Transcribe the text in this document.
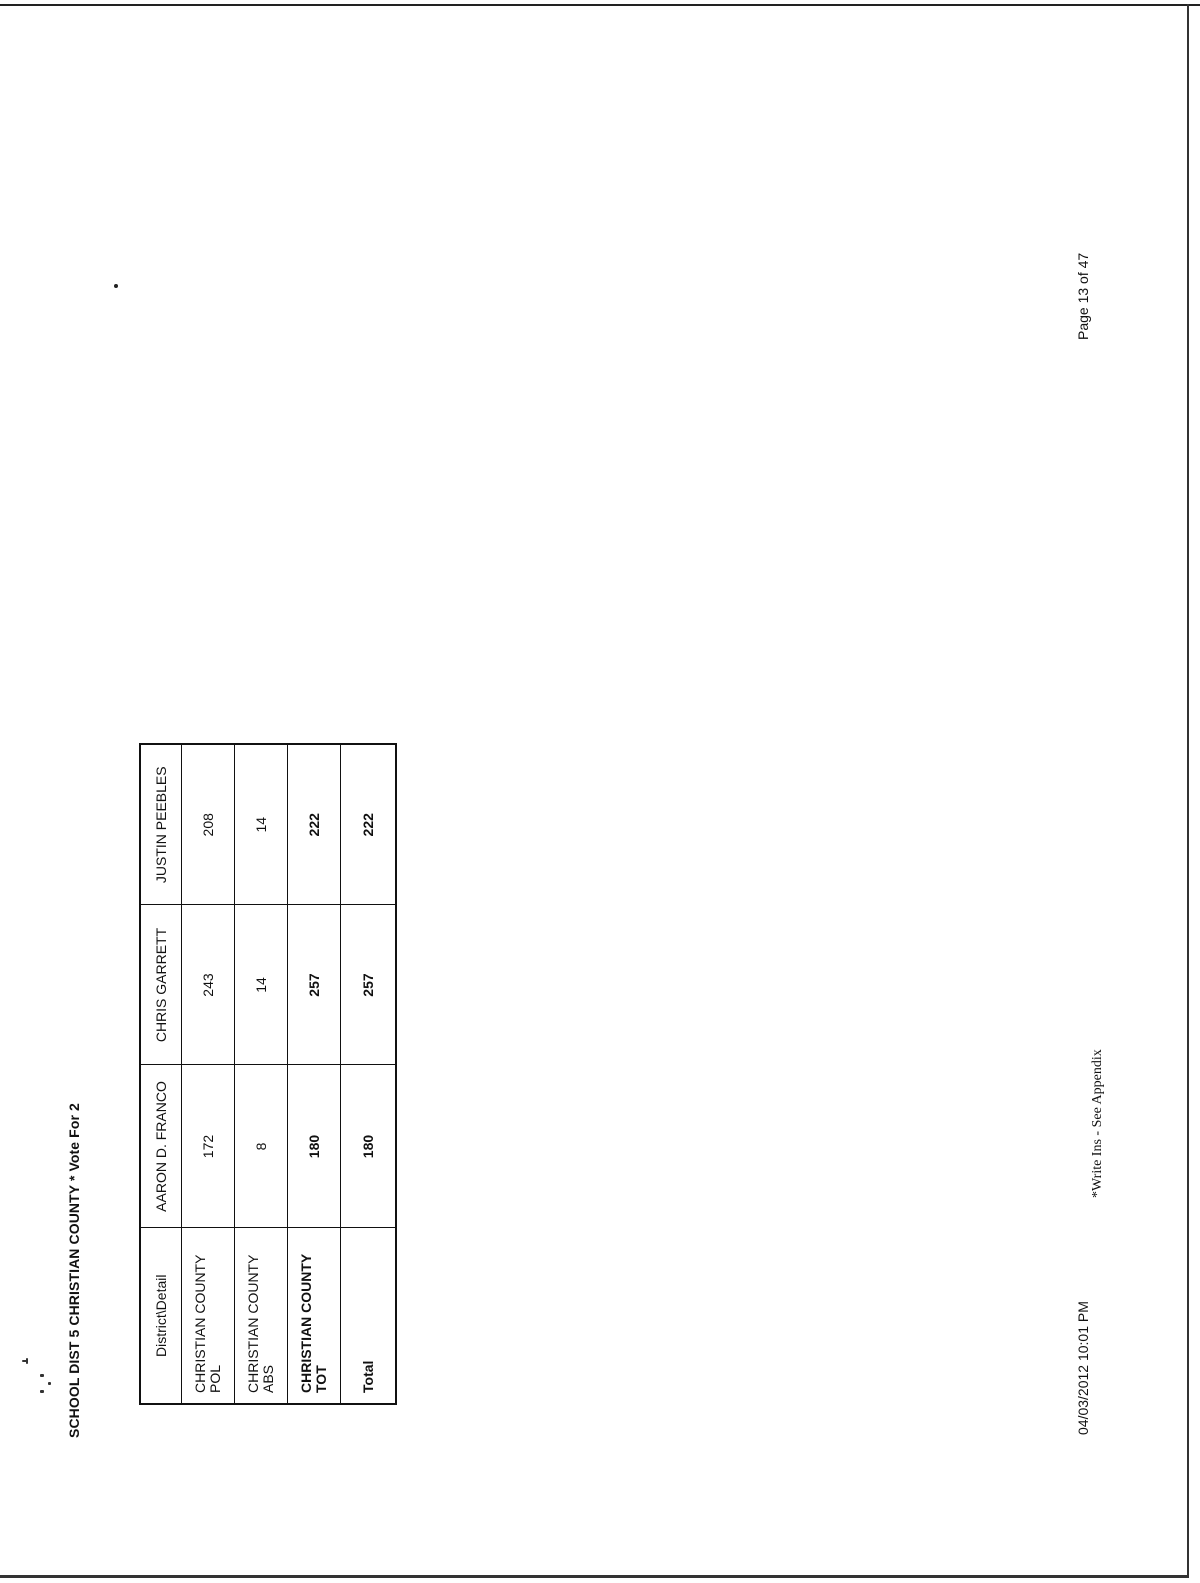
SCHOOL DIST 5 CHRISTIAN COUNTY * Vote For 2	District\Detail	AARON D. FRANCO	CHRIS GARRETT	JUSTIN PEEBLES
CHRISTIAN COUNTY POL	172	243	208
CHRISTIAN COUNTY ABS	8	14	14
CHRISTIAN COUNTY TOT	180	257	222
Total	180	257	222
04/03/2012 10:01 PM
*Write Ins - See Appendix
Page 13 of 47
